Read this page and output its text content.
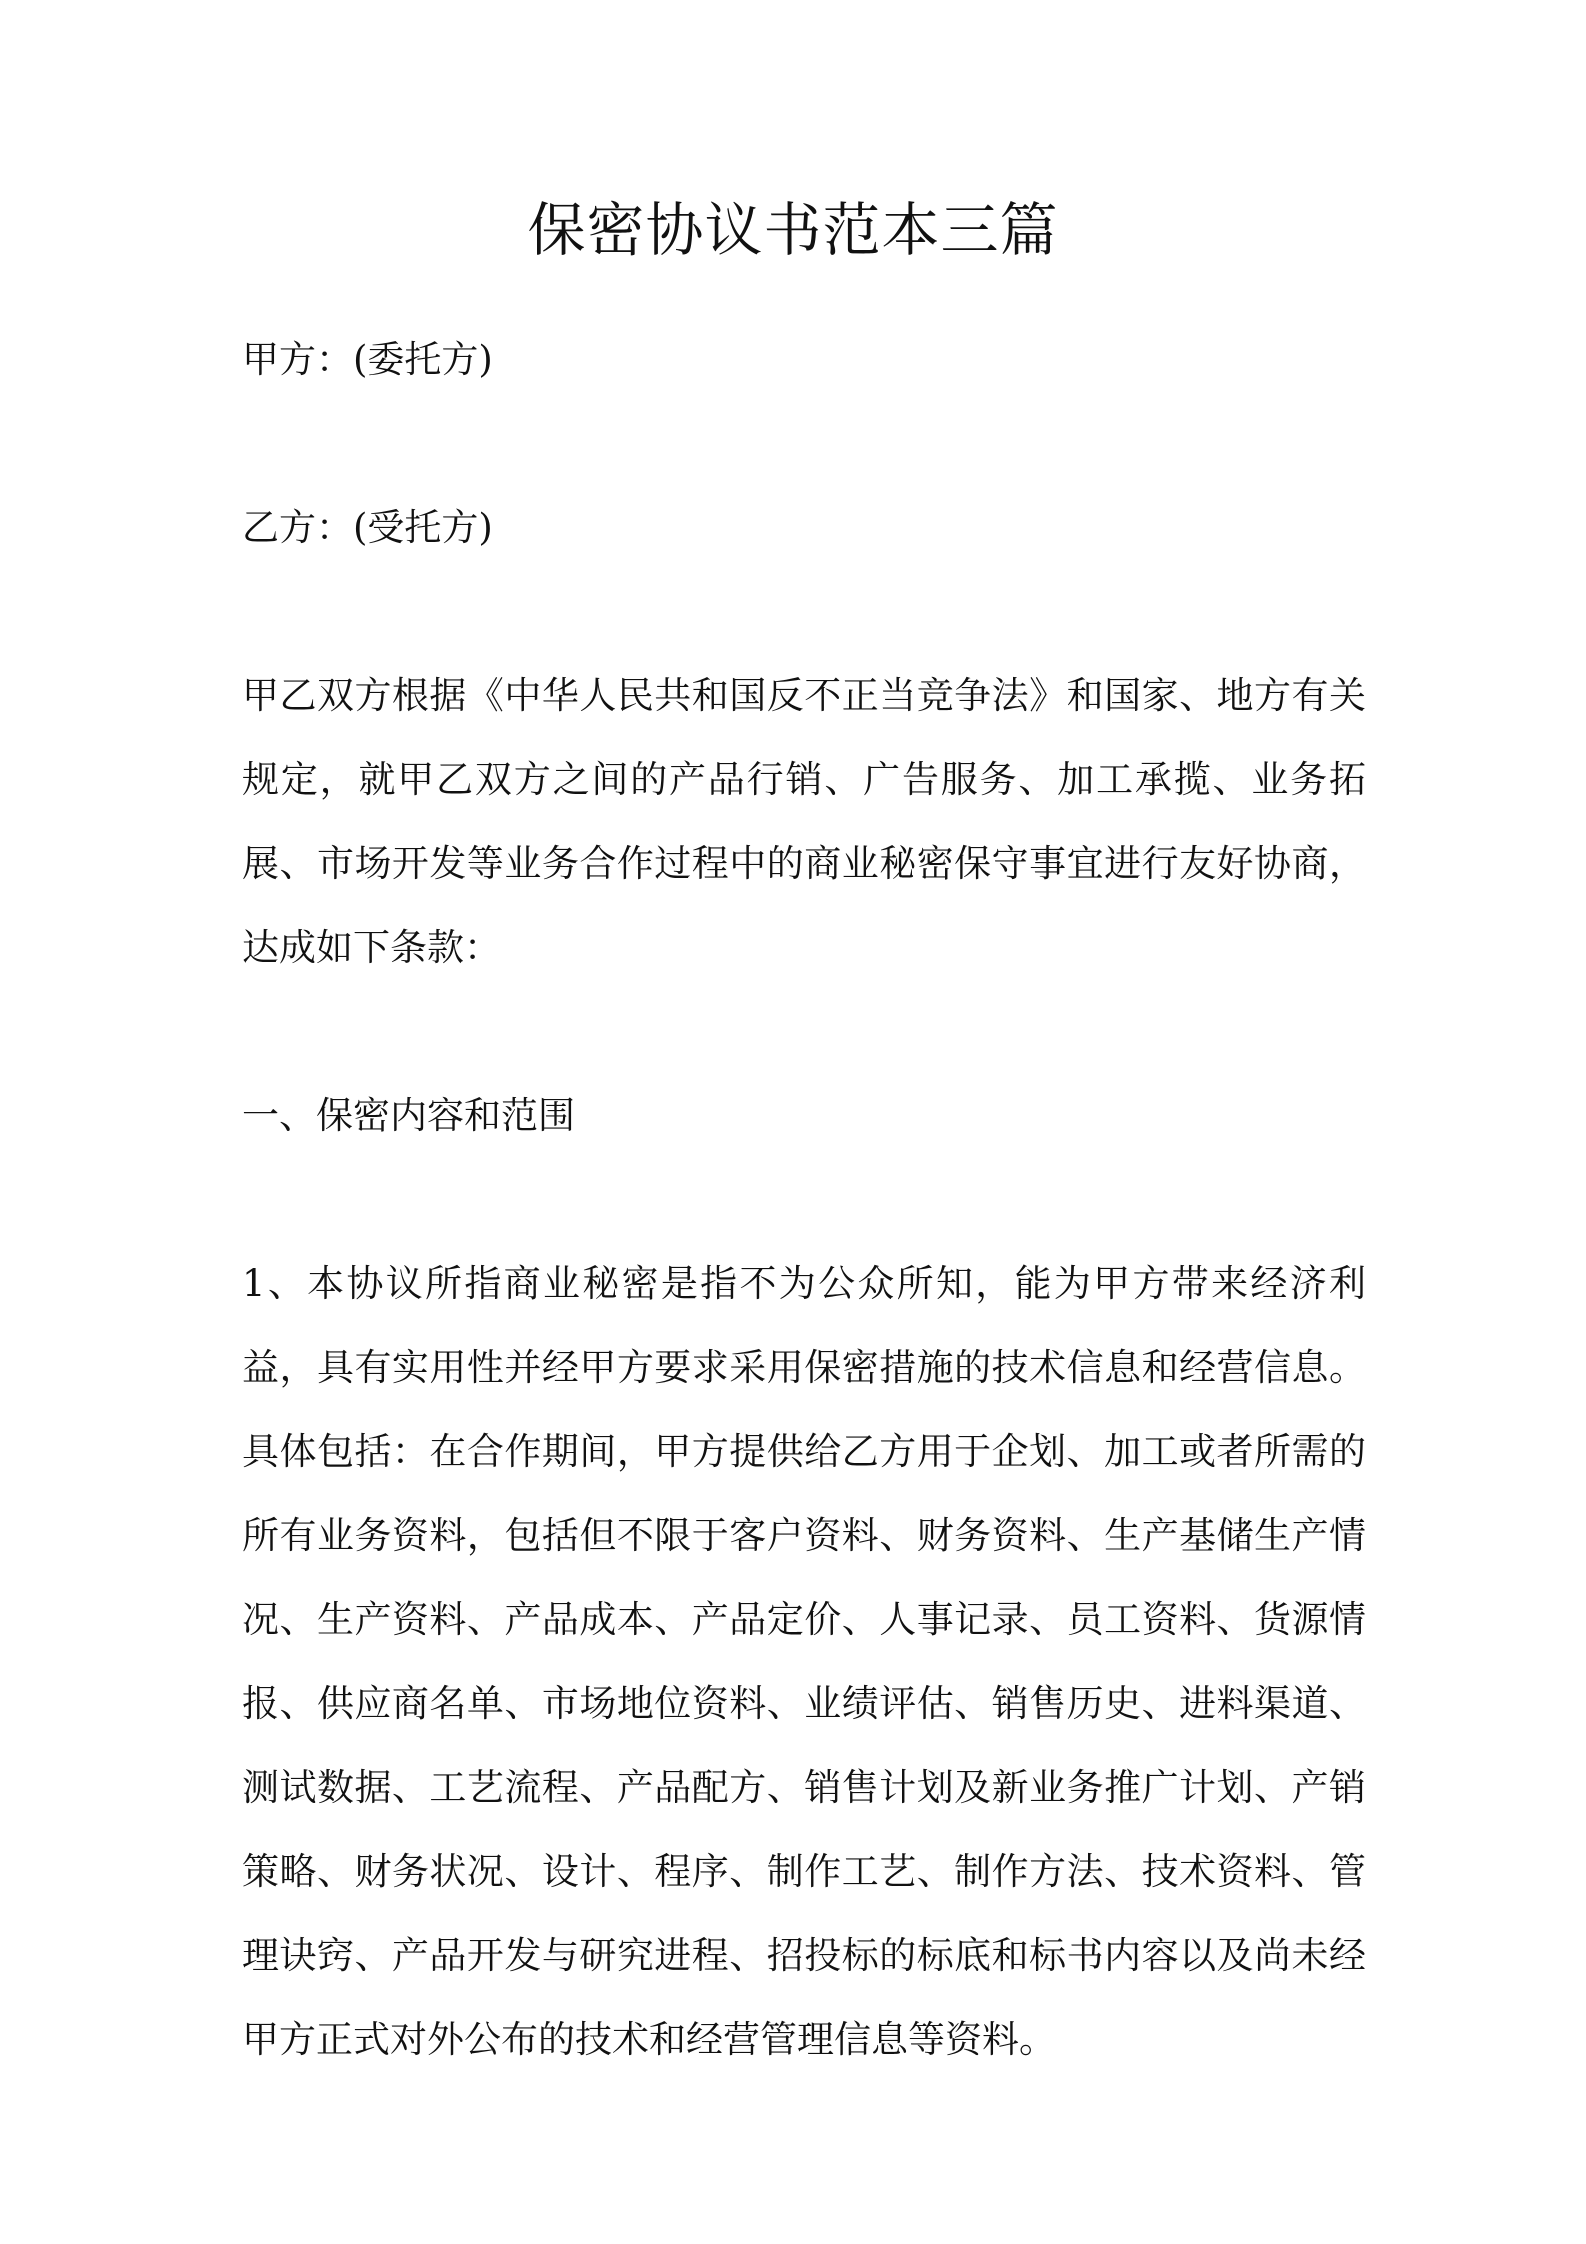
保密协议书范本三篇

甲方：(委托方)

乙方：(受托方)

甲乙双方根据《中华人民共和国反不正当竞争法》和国家、地方有关规定，就甲乙双方之间的产品行销、广告服务、加工承揽、业务拓展、市场开发等业务合作过程中的商业秘密保守事宜进行友好协商，达成如下条款：

一、保密内容和范围

1、本协议所指商业秘密是指不为公众所知，能为甲方带来经济利益，具有实用性并经甲方要求采用保密措施的技术信息和经营信息。具体包括：在合作期间，甲方提供给乙方用于企划、加工或者所需的所有业务资料，包括但不限于客户资料、财务资料、生产基储生产情况、生产资料、产品成本、产品定价、人事记录、员工资料、货源情报、供应商名单、市场地位资料、业绩评估、销售历史、进料渠道、测试数据、工艺流程、产品配方、销售计划及新业务推广计划、产销策略、财务状况、设计、程序、制作工艺、制作方法、技术资料、管理诀窍、产品开发与研究进程、招投标的标底和标书内容以及尚未经甲方正式对外公布的技术和经营管理信息等资料。
